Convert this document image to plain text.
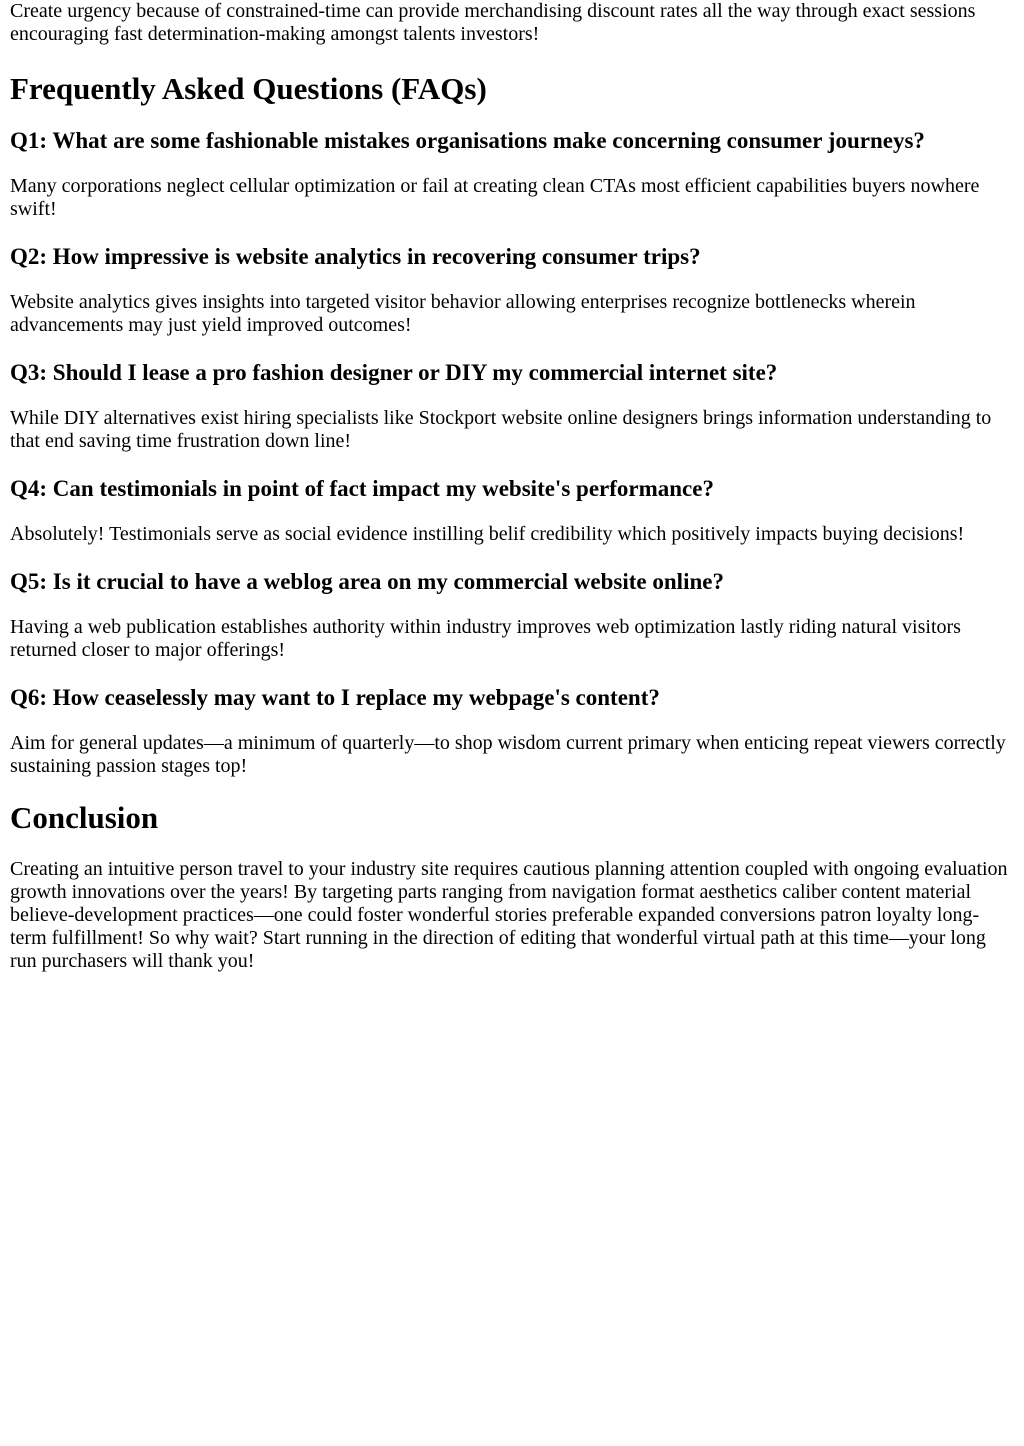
Create urgency because of constrained-time can provide merchandising discount rates all the way through exact sessions encouraging fast determination-making amongst talents investors!

Frequently Asked Questions (FAQs)
Q1: What are some fashionable mistakes organisations make concerning consumer journeys?

Many corporations neglect cellular optimization or fail at creating clean CTAs most efficient capabilities buyers nowhere swift!

Q2: How impressive is website analytics in recovering consumer trips?

Website analytics gives insights into targeted visitor behavior allowing enterprises recognize bottlenecks wherein advancements may just yield improved outcomes!

Q3: Should I lease a pro fashion designer or DIY my commercial internet site?

While DIY alternatives exist hiring specialists like Stockport website online designers brings information understanding to that end saving time frustration down line!

Q4: Can testimonials in point of fact impact my website's performance?

Absolutely! Testimonials serve as social evidence instilling belif credibility which positively impacts buying decisions!

Q5: Is it crucial to have a weblog area on my commercial website online?

Having a web publication establishes authority within industry improves web optimization lastly riding natural visitors returned closer to major offerings!

Q6: How ceaselessly may want to I replace my webpage's content?

Aim for general updates—a minimum of quarterly—to shop wisdom current primary when enticing repeat viewers correctly sustaining passion stages top!

Conclusion

Creating an intuitive person travel to your industry site requires cautious planning attention coupled with ongoing evaluation growth innovations over the years! By targeting parts ranging from navigation format aesthetics caliber content material believe-development practices—one could foster wonderful stories preferable expanded conversions patron loyalty long-term fulfillment! So why wait? Start running in the direction of editing that wonderful virtual path at this time—your long run purchasers will thank you!
